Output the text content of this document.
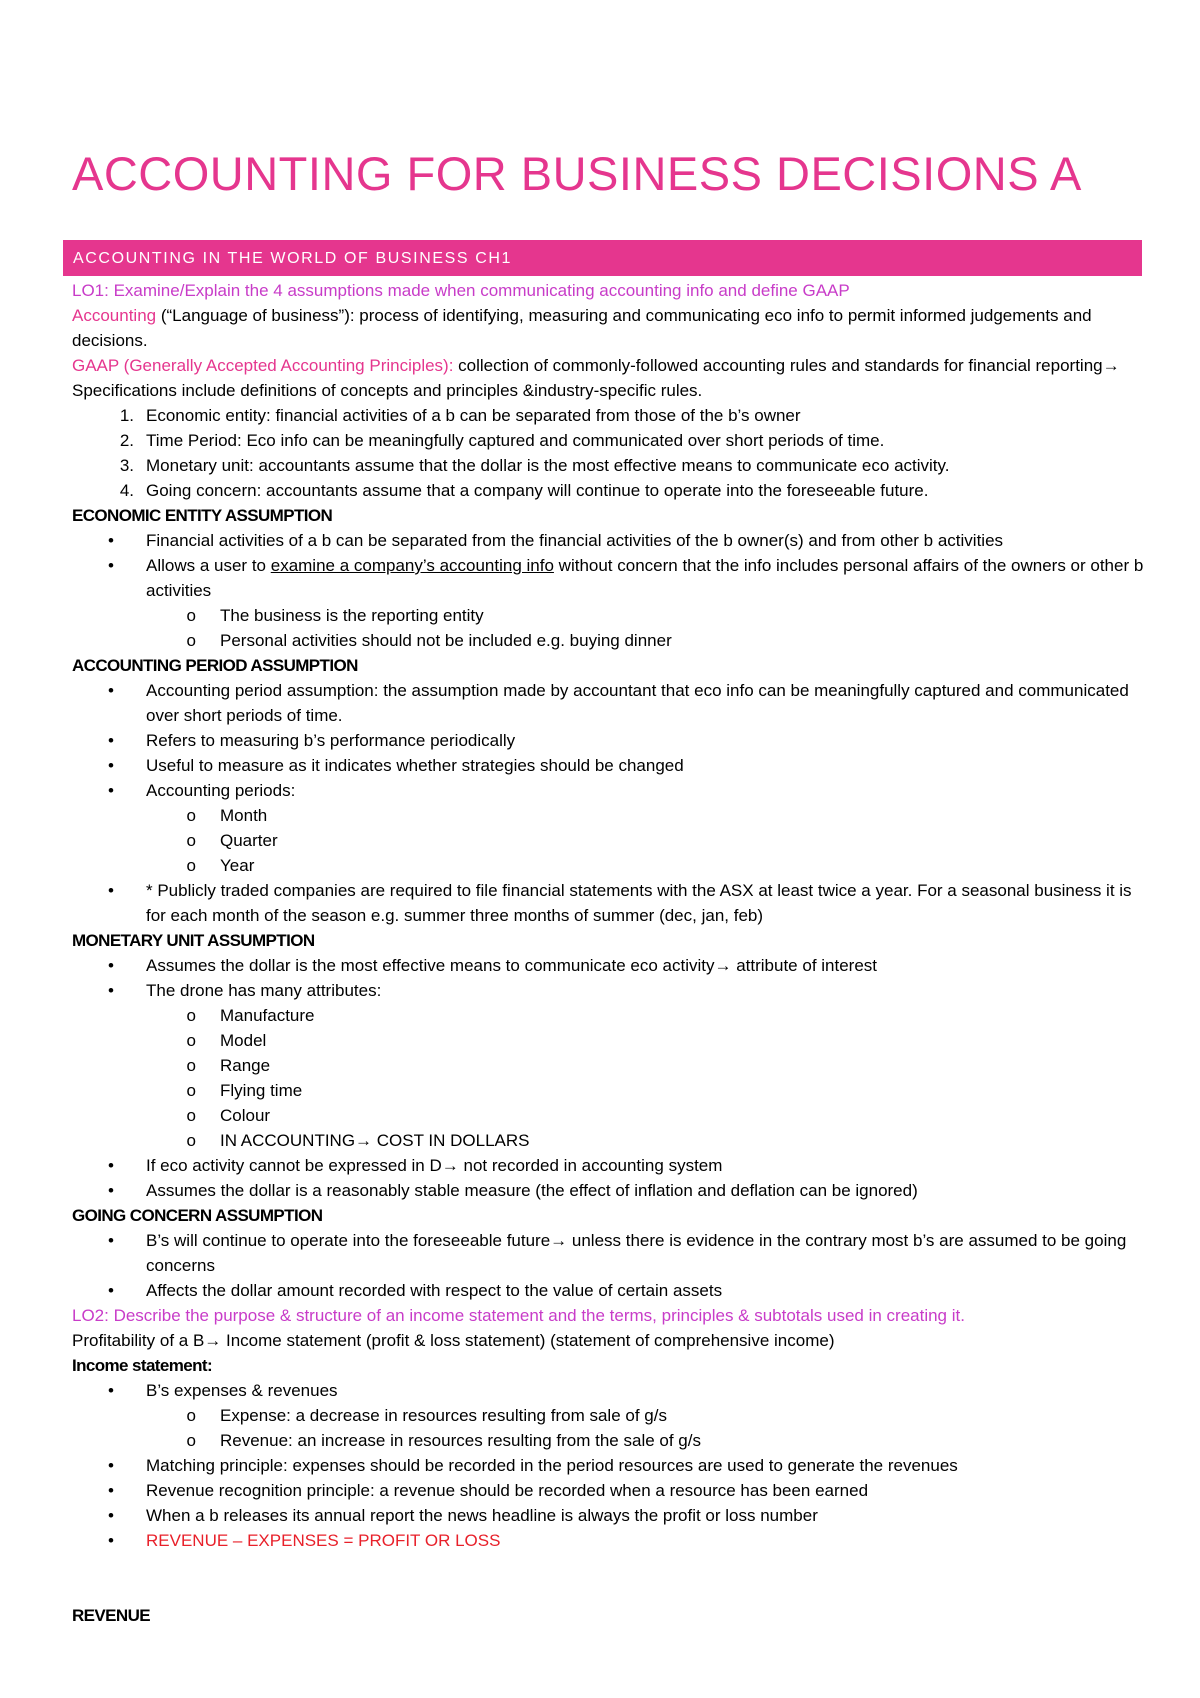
ACCOUNTING FOR BUSINESS DECISIONS A
ACCOUNTING IN THE WORLD OF BUSINESS CH1
LO1: Examine/Explain the 4 assumptions made when communicating accounting info and define GAAP
Accounting (“Language of business”): process of identifying, measuring and communicating eco info to permit informed judgements and decisions.
GAAP (Generally Accepted Accounting Principles): collection of commonly-followed accounting rules and standards for financial reporting→ Specifications include definitions of concepts and principles &industry-specific rules.
1. Economic entity: financial activities of a b can be separated from those of the b’s owner
2. Time Period: Eco info can be meaningfully captured and communicated over short periods of time.
3. Monetary unit: accountants assume that the dollar is the most effective means to communicate eco activity.
4. Going concern: accountants assume that a company will continue to operate into the foreseeable future.
ECONOMIC ENTITY ASSUMPTION
•	Financial activities of a b can be separated from the financial activities of the b owner(s) and from other b activities
•	Allows a user to examine a company’s accounting info without concern that the info includes personal affairs of the owners or other b activities
o	The business is the reporting entity
o	Personal activities should not be included e.g. buying dinner
ACCOUNTING PERIOD ASSUMPTION
•	Accounting period assumption: the assumption made by accountant that eco info can be meaningfully captured and communicated over short periods of time.
•	Refers to measuring b’s performance periodically
•	Useful to measure as it indicates whether strategies should be changed
•	Accounting periods:
o	Month
o	Quarter
o	Year
•	* Publicly traded companies are required to file financial statements with the ASX at least twice a year. For a seasonal business it is for each month of the season e.g. summer three months of summer (dec, jan, feb)
MONETARY UNIT ASSUMPTION
•	Assumes the dollar is the most effective means to communicate eco activity→ attribute of interest
•	The drone has many attributes:
o	Manufacture
o	Model
o	Range
o	Flying time
o	Colour
o	IN ACCOUNTING→ COST IN DOLLARS
•	If eco activity cannot be expressed in D→ not recorded in accounting system
•	Assumes the dollar is a reasonably stable measure (the effect of inflation and deflation can be ignored)
GOING CONCERN ASSUMPTION
•	B’s will continue to operate into the foreseeable future→ unless there is evidence in the contrary most b’s are assumed to be going concerns
•	Affects the dollar amount recorded with respect to the value of certain assets
LO2: Describe the purpose & structure of an income statement and the terms, principles & subtotals used in creating it.
Profitability of a B→ Income statement (profit & loss statement) (statement of comprehensive income)
Income statement:
•	B’s expenses & revenues
o	Expense: a decrease in resources resulting from sale of g/s
o	Revenue: an increase in resources resulting from the sale of g/s
•	Matching principle: expenses should be recorded in the period resources are used to generate the revenues
•	Revenue recognition principle: a revenue should be recorded when a resource has been earned
•	When a b releases its annual report the news headline is always the profit or loss number
•	REVENUE – EXPENSES = PROFIT OR LOSS
REVENUE
